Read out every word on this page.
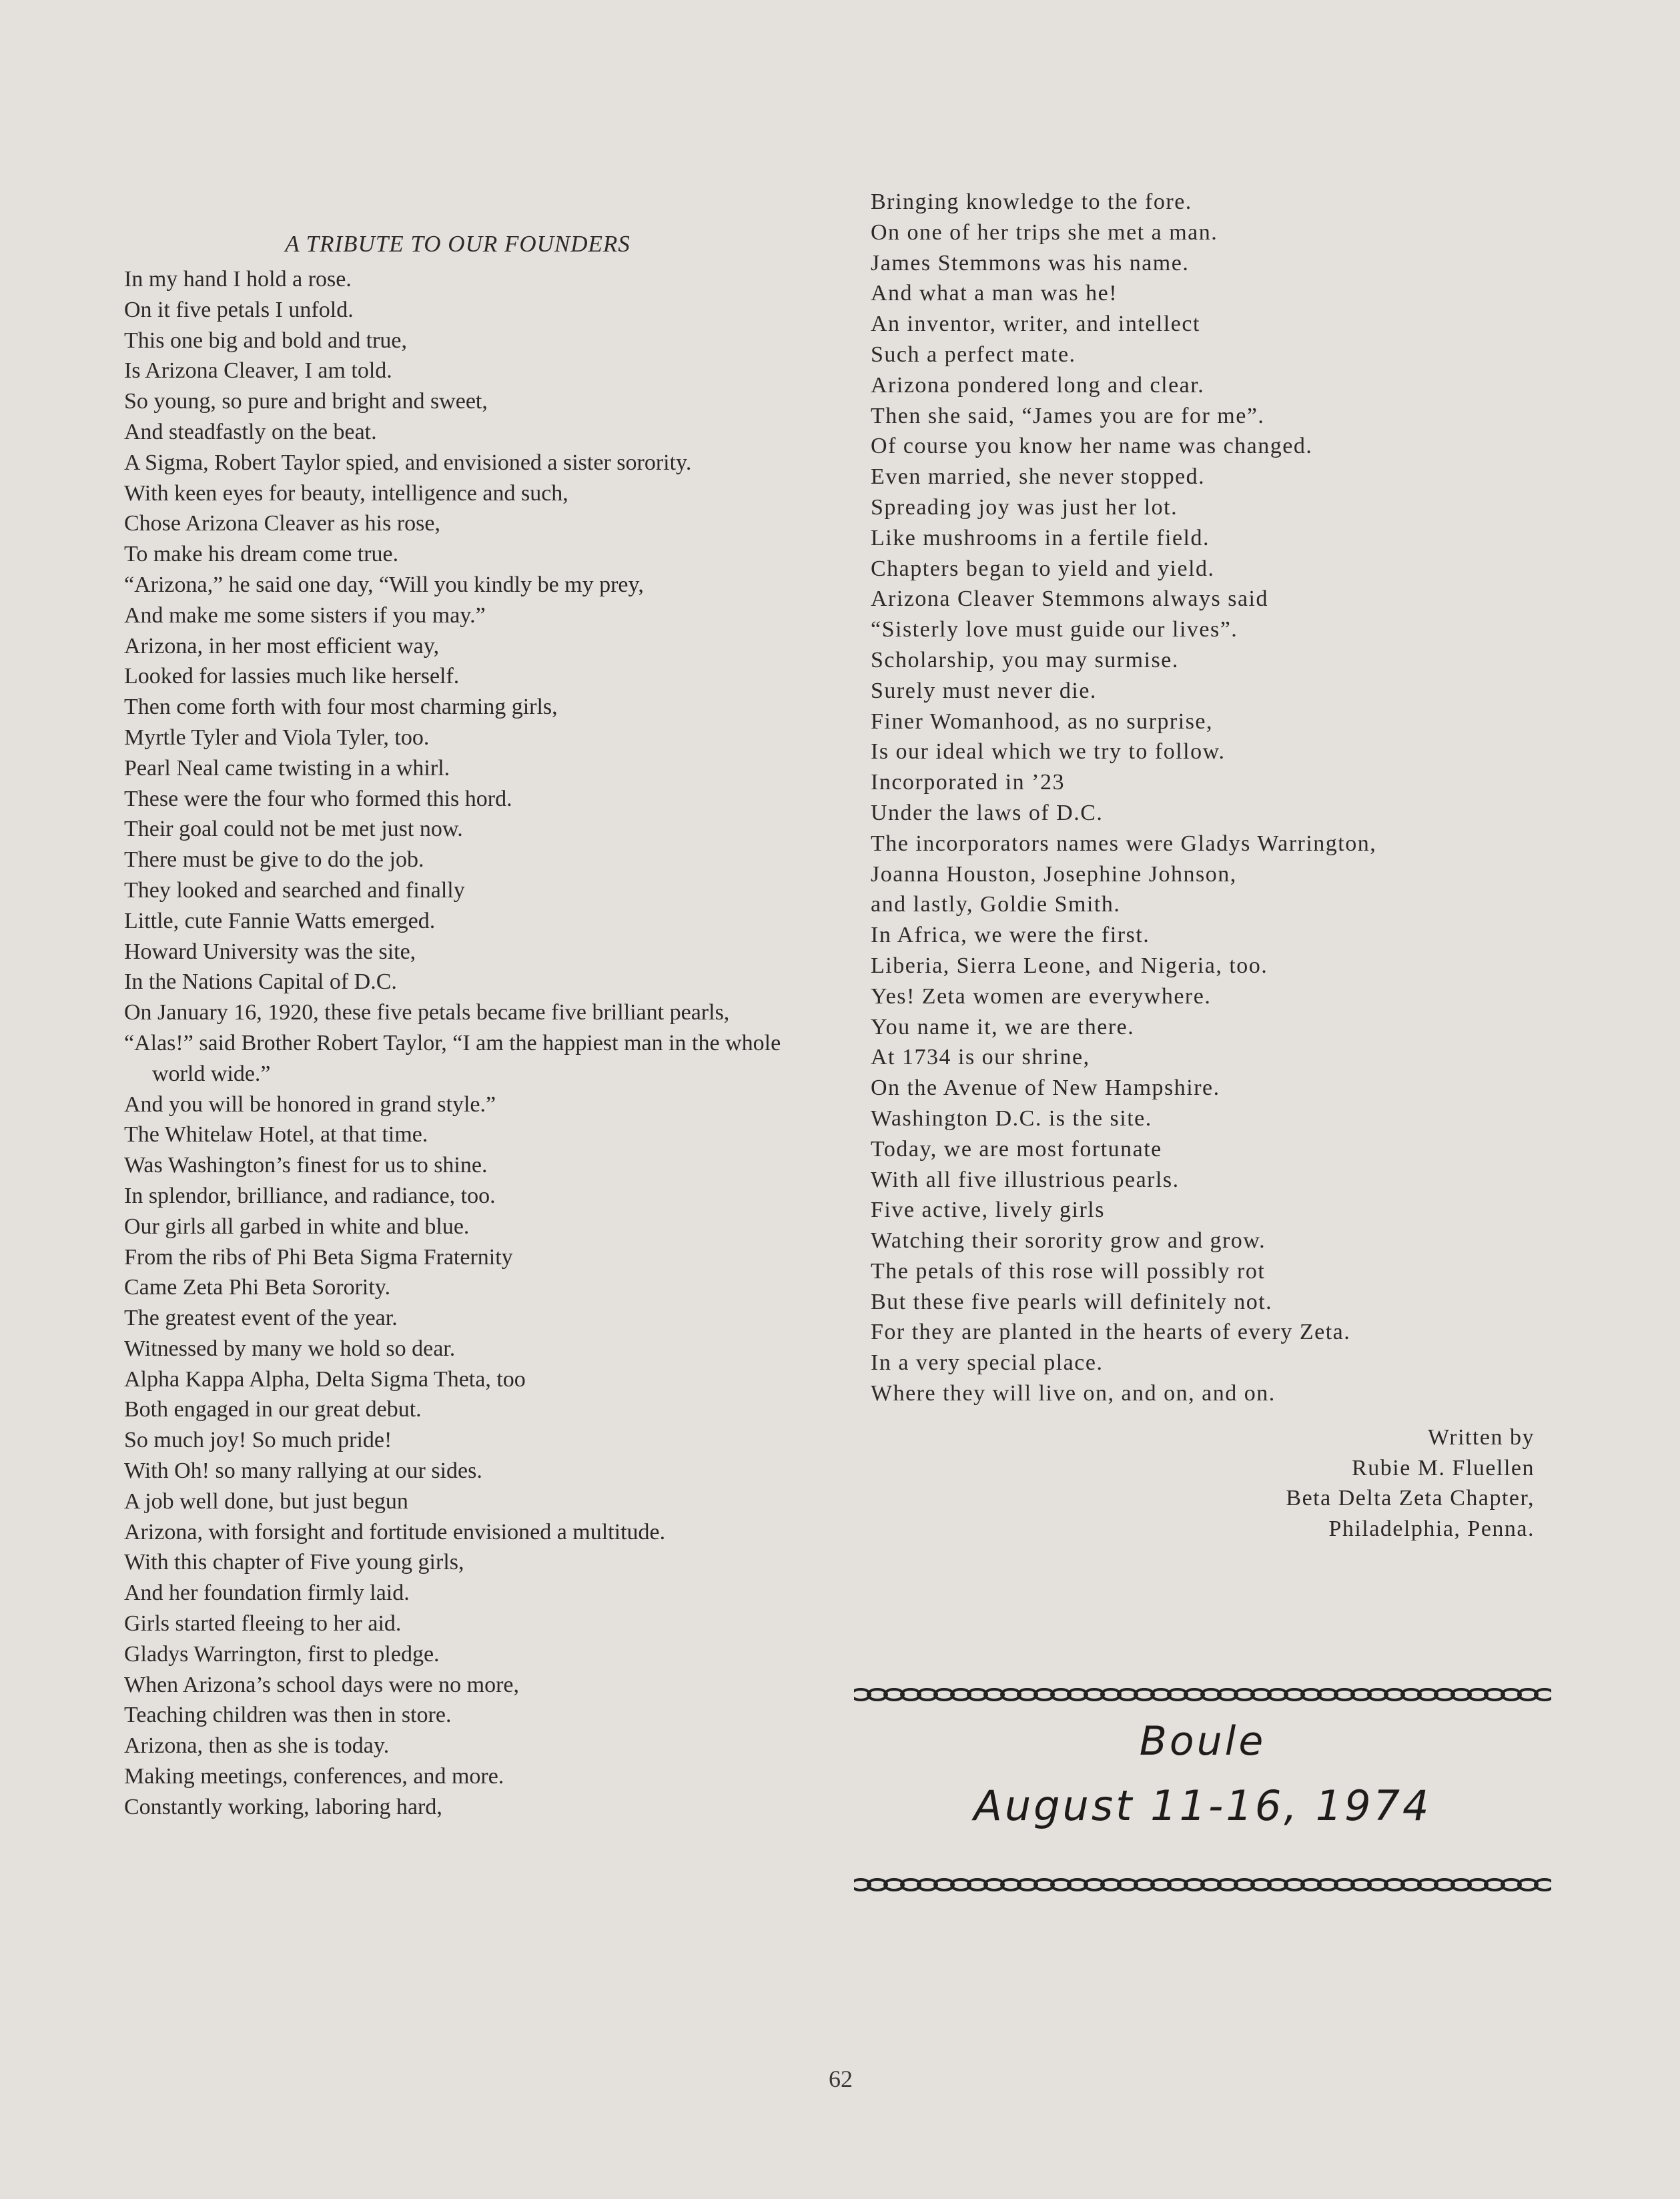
A TRIBUTE TO OUR FOUNDERS
In my hand I hold a rose.
On it five petals I unfold.
This one big and bold and true,
Is Arizona Cleaver, I am told.
So young, so pure and bright and sweet,
And steadfastly on the beat.
A Sigma, Robert Taylor spied, and envisioned a sister sorority.
With keen eyes for beauty, intelligence and such,
Chose Arizona Cleaver as his rose,
To make his dream come true.
“Arizona,” he said one day, “Will you kindly be my prey,
And make me some sisters if you may.”
Arizona, in her most efficient way,
Looked for lassies much like herself.
Then come forth with four most charming girls,
Myrtle Tyler and Viola Tyler, too.
Pearl Neal came twisting in a whirl.
These were the four who formed this hord.
Their goal could not be met just now.
There must be give to do the job.
They looked and searched and finally
Little, cute Fannie Watts emerged.
Howard University was the site,
In the Nations Capital of D.C.
On January 16, 1920, these five petals became five brilliant pearls,
“Alas!” said Brother Robert Taylor, “I am the happiest man in the whole world wide.”
And you will be honored in grand style.”
The Whitelaw Hotel, at that time.
Was Washington’s finest for us to shine.
In splendor, brilliance, and radiance, too.
Our girls all garbed in white and blue.
From the ribs of Phi Beta Sigma Fraternity
Came Zeta Phi Beta Sorority.
The greatest event of the year.
Witnessed by many we hold so dear.
Alpha Kappa Alpha, Delta Sigma Theta, too
Both engaged in our great debut.
So much joy! So much pride!
With Oh! so many rallying at our sides.
A job well done, but just begun
Arizona, with forsight and fortitude envisioned a multitude.
With this chapter of Five young girls,
And her foundation firmly laid.
Girls started fleeing to her aid.
Gladys Warrington, first to pledge.
When Arizona’s school days were no more,
Teaching children was then in store.
Arizona, then as she is today.
Making meetings, conferences, and more.
Constantly working, laboring hard,
Bringing knowledge to the fore.
On one of her trips she met a man.
James Stemmons was his name.
And what a man was he!
An inventor, writer, and intellect
Such a perfect mate.
Arizona pondered long and clear.
Then she said, “James you are for me”.
Of course you know her name was changed.
Even married, she never stopped.
Spreading joy was just her lot.
Like mushrooms in a fertile field.
Chapters began to yield and yield.
Arizona Cleaver Stemmons always said
“Sisterly love must guide our lives”.
Scholarship, you may surmise.
Surely must never die.
Finer Womanhood, as no surprise,
Is our ideal which we try to follow.
Incorporated in ’23
Under the laws of D.C.
The incorporators names were Gladys Warrington,
Joanna Houston, Josephine Johnson,
and lastly, Goldie Smith.
In Africa, we were the first.
Liberia, Sierra Leone, and Nigeria, too.
Yes! Zeta women are everywhere.
You name it, we are there.
At 1734 is our shrine,
On the Avenue of New Hampshire.
Washington D.C. is the site.
Today, we are most fortunate
With all five illustrious pearls.
Five active, lively girls
Watching their sorority grow and grow.
The petals of this rose will possibly rot
But these five pearls will definitely not.
For they are planted in the hearts of every Zeta.
In a very special place.
Where they will live on, and on, and on.
Written by
Rubie M. Fluellen
Beta Delta Zeta Chapter,
Philadelphia, Penna.
Boule
August 11-16, 1974
62
